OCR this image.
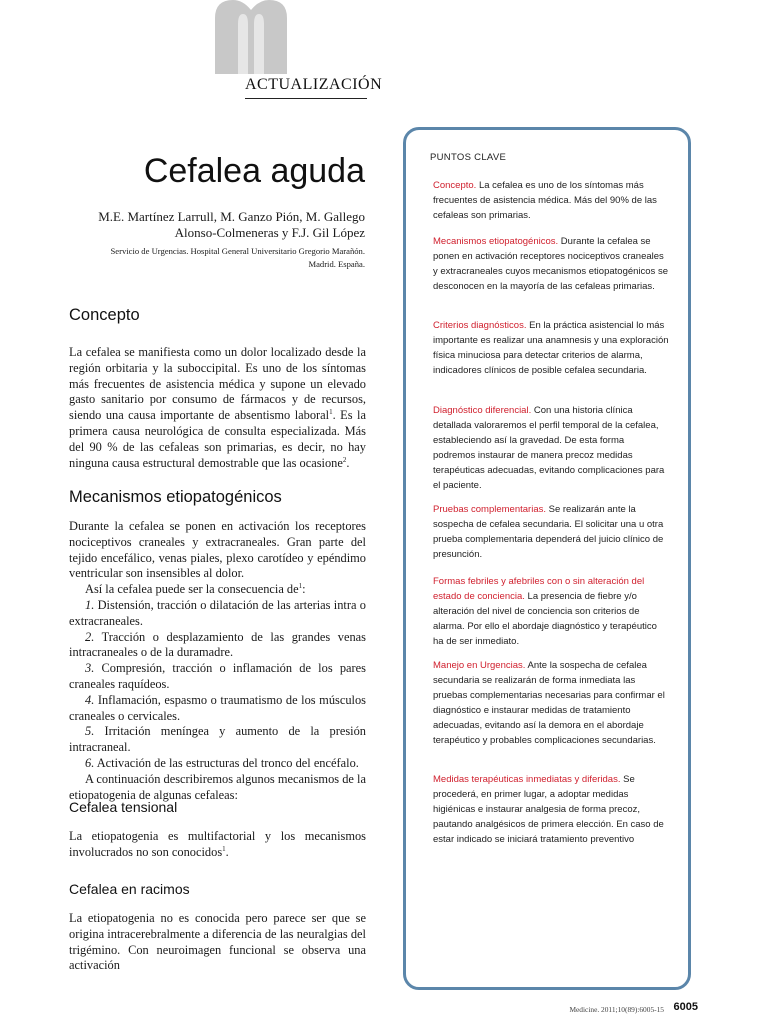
ACTUALIZACIÓN
Cefalea aguda
M.E. Martínez Larrull, M. Ganzo Pión, M. Gallego
Alonso-Colmeneras y F.J. Gil López
Servicio de Urgencias. Hospital General Universitario Gregorio Marañón.
Madrid. España.
Concepto

La cefalea se manifiesta como un dolor localizado desde la región orbitaria y la suboccipital. Es uno de los síntomas más frecuentes de asistencia médica y supone un elevado gasto sanitario por consumo de fármacos y de recursos, siendo una causa importante de absentismo laboral$^1$. Es la primera causa neurológica de consulta especializada. Más del 90 % de las cefaleas son primarias, es decir, no hay ninguna causa estructural demostrable que las ocasione$^2$.

Mecanismos etiopatogénicos

Durante la cefalea se ponen en activación los receptores nociceptivos craneales y extracraneales. Gran parte del tejido encefálico, venas piales, plexo carotídeo y epéndimo ventricular son insensibles al dolor.

Así la cefalea puede ser la consecuencia $de^1$:

1. Distensión, tracción o dilatación de las arterias intra o extracraneales.

2. Tracción o desplazamiento de las grandes venas intracraneales o de la duramadre.

3. Compresión, tracción o inflamación de los pares craneales raquídeos.

4. Inflamación, espasmo o traumatismo de los músculos craneales o cervicales.

5. Irritación meníngea y aumento de la presión intracraneal.

6. Activación de las estructuras del tronco del encéfalo.

A continuación describiremos algunos mecanismos de la etiopatogenia de algunas cefaleas:

Cefalea tensional

La etiopatogenia es multifactorial y los mecanismos involucrados no son conocidos$^1$.

Cefalea en racimos

La etiopatogenia no es conocida pero parece ser que se origina intracerebralmente a diferencia de las neuralgias del trigémino. Con neuroimagen funcional se observa una activación

PUNTOS CLAVE

Concepto. La cefalea es uno de los síntomas más frecuentes de asistencia médica. Más del 90% de las cefaleas son primarias.

Mecanismos etiopatogénicos. Durante la cefalea se ponen en activación receptores nociceptivos craneales y extracraneales cuyos mecanismos etiopatogénicos se desconocen en la mayoría de las cefaleas primarias.

Criterios diagnósticos. En la práctica asistencial lo más importante es realizar una anamnesis y una exploración física minuciosa para detectar criterios de alarma, indicadores clínicos de posible cefalea secundaria.

Diagnóstico diferencial. Con una historia clínica detallada valoraremos el perfil temporal de la cefalea, estableciendo así la gravedad. De esta forma podremos instaurar de manera precoz medidas terapéuticas adecuadas, evitando complicaciones para el paciente.

Pruebas complementarias. Se realizarán ante la sospecha de cefalea secundaria. El solicitar una u otra prueba complementaria dependerá del juicio clínico de presunción.

Formas febriles y afebriles con o sin alteración del estado de conciencia. La presencia de fiebre y/o alteración del nivel de conciencia son criterios de alarma. Por ello el abordaje diagnóstico y terapéutico ha de ser inmediato.

Manejo en Urgencias. Ante la sospecha de cefalea secundaria se realizarán de forma inmediata las pruebas complementarias necesarias para confirmar el diagnóstico e instaurar medidas de tratamiento adecuadas, evitando así la demora en el abordaje terapéutico y probables complicaciones secundarias.

Medidas terapéuticas inmediatas y diferidas. Se procederá, en primer lugar, a adoptar medidas higiénicas e instaurar analgesia de forma precoz, pautando analgésicos de primera elección. En caso de estar indicado se iniciará tratamiento preventivo

Medicine. 2011;10(89):6005-15 6005
